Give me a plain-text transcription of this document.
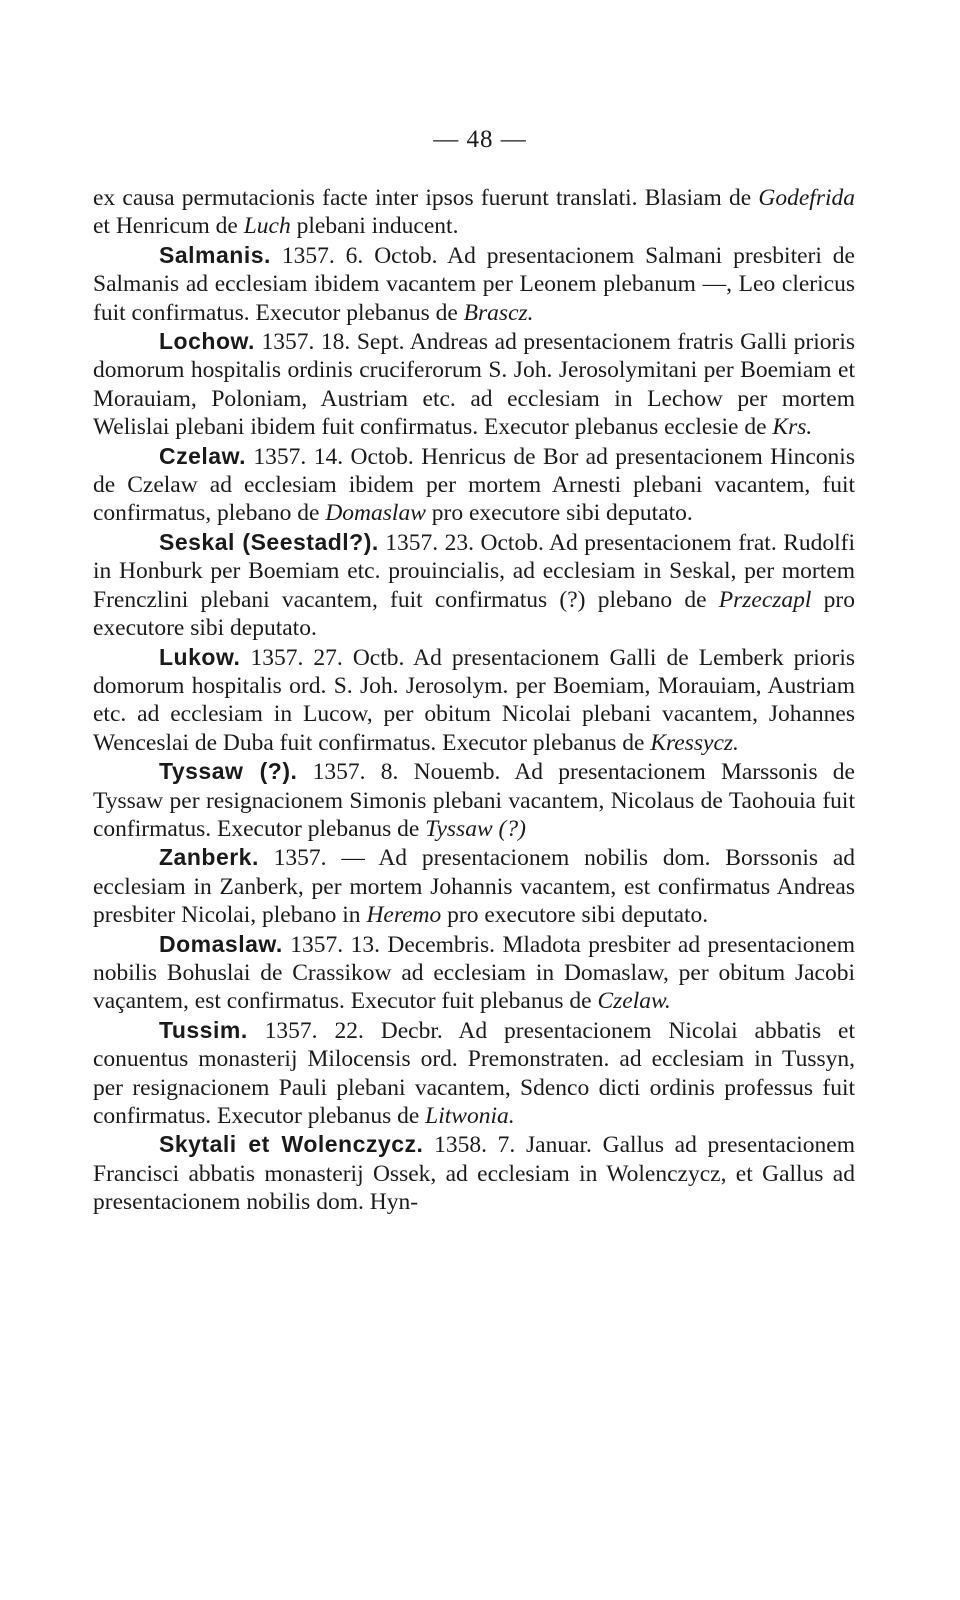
— 48 —

ex causa permutacionis facte inter ipsos fuerunt translati. Blasiam de Godefrida et Henricum de Luch plebani inducent.

Salmanis. 1357. 6. Octob. Ad presentacionem Salmani presbiteri de Salmanis ad ecclesiam ibidem vacantem per Leonem plebanum —, Leo clericus fuit confirmatus. Executor plebanus de Brascz.

Lochow. 1357. 18. Sept. Andreas ad presentacionem fratris Galli prioris domorum hospitalis ordinis cruciferorum S. Joh. Jerosolymitani per Boemiam et Morauiam, Poloniam, Austriam etc. ad ecclesiam in Lechow per mortem Welislai plebani ibidem fuit confirmatus. Executor plebanus ecclesie de Krs.

Czelaw. 1357. 14. Octob. Henricus de Bor ad presentacionem Hinconis de Czelaw ad ecclesiam ibidem per mortem Arnesti plebani vacantem, fuit confirmatus, plebano de Domaslaw pro executore sibi deputato.

Seskal (Seestadl?). 1357. 23. Octob. Ad presentacionem frat. Rudolfi in Honburk per Boemiam etc. prouincialis, ad ecclesiam in Seskal, per mortem Frenczlini plebani vacantem, fuit confirmatus (?) plebano de Przeczapl pro executore sibi deputato.

Lukow. 1357. 27. Octb. Ad presentacionem Galli de Lemberk prioris domorum hospitalis ord. S. Joh. Jerosolym. per Boemiam, Morauiam, Austriam etc. ad ecclesiam in Lucow, per obitum Nicolai plebani vacantem, Johannes Wenceslai de Duba fuit confirmatus. Executor plebanus de Kressycz.

Tyssaw (?). 1357. 8. Nouemb. Ad presentacionem Marssonis de Tyssaw per resignacionem Simonis plebani vacantem, Nicolaus de Taohouia fuit confirmatus. Executor plebanus de Tyssaw (?)

Zanberk. 1357. — Ad presentacionem nobilis dom. Borssonis ad ecclesiam in Zanberk, per mortem Johannis vacantem, est confirmatus Andreas presbiter Nicolai, plebano in Heremo pro executore sibi deputato.

Domaslaw. 1357. 13. Decembris. Mladota presbiter ad presentacionem nobilis Bohuslai de Crassikow ad ecclesiam in Domaslaw, per obitum Jacobi vaçantem, est confirmatus. Executor fuit plebanus de Czelaw.

Tussim. 1357. 22. Decbr. Ad presentacionem Nicolai abbatis et conuentus monasterij Milocensis ord. Premonstraten. ad ecclesiam in Tussyn, per resignacionem Pauli plebani vacantem, Sdenco dicti ordinis professus fuit confirmatus. Executor plebanus de Litwonia.

Skytali et Wolenczycz. 1358. 7. Januar. Gallus ad presentacionem Francisci abbatis monasterij Ossek, ad ecclesiam in Wolenczycz, et Gallus ad presentacionem nobilis dom. Hyn-
